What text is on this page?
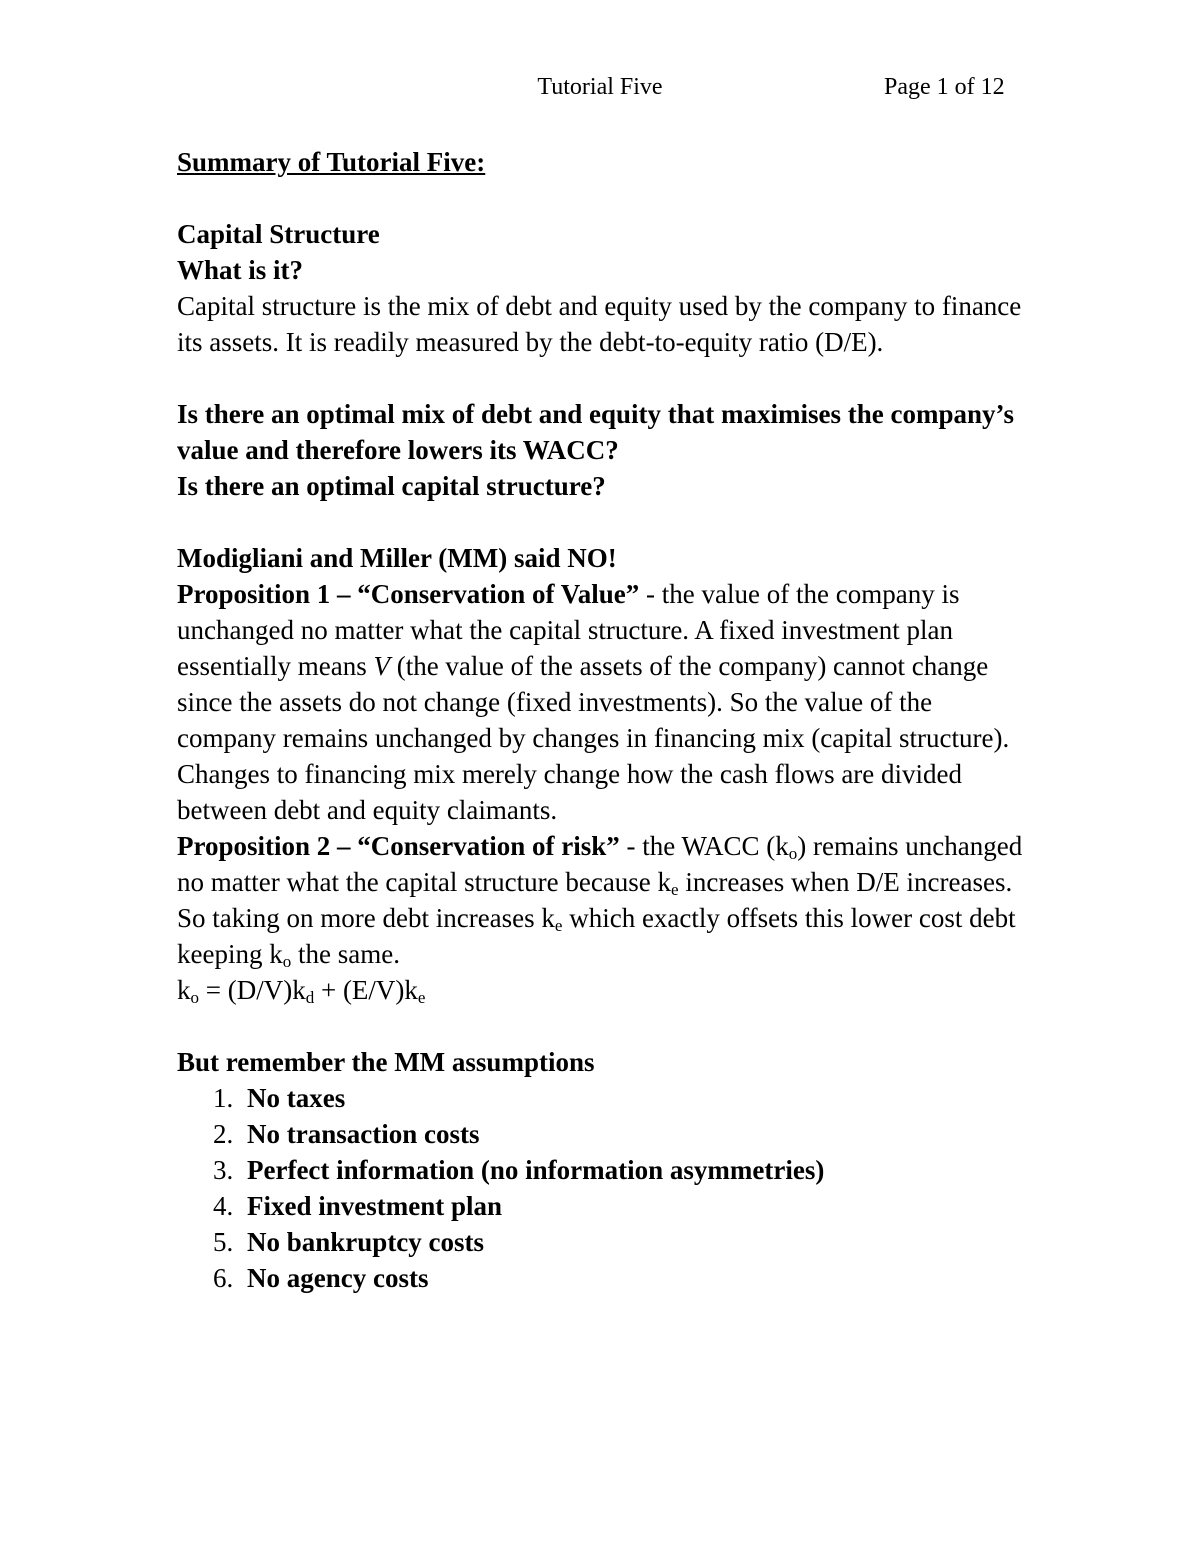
Tutorial Five	Page 1 of 12

Summary of Tutorial Five:

Capital Structure

What is it?

Capital structure is the mix of debt and equity used by the company to finance its assets. It is readily measured by the debt-to-equity ratio (D/E).

Is there an optimal mix of debt and equity that maximises the company’s value and therefore lowers its WACC?

Is there an optimal capital structure?

Modigliani and Miller (MM) said NO!

Proposition 1 – “Conservation of Value” - the value of the company is unchanged no matter what the capital structure. A fixed investment plan essentially means V (the value of the assets of the company) cannot change since the assets do not change (fixed investments). So the value of the company remains unchanged by changes in financing mix (capital structure). Changes to financing mix merely change how the cash flows are divided between debt and equity claimants.

Proposition 2 – “Conservation of risk” - the WACC $(k_o)$ remains unchanged no matter what the capital structure because $k_e$ increases when D/E increases. So taking on more debt increases $k_e$ which exactly offsets this lower cost debt keeping $k_o$ the same.

$k_o = (D/V)k_d + (E/V)k_e$

But remember the MM assumptions

1. No taxes
2. No transaction costs
3. Perfect information (no information asymmetries)
4. Fixed investment plan
5. No bankruptcy costs
6. No agency costs
